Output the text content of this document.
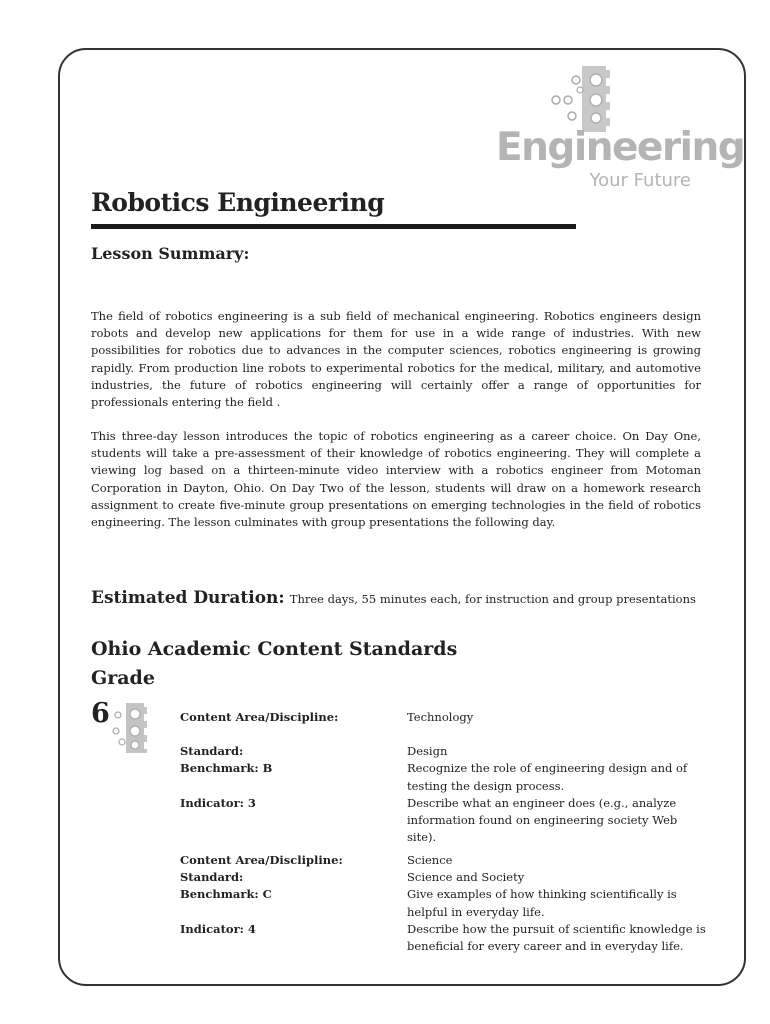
Engineering
Your Future
Robotics Engineering
Lesson Summary:

The field of robotics engineering is a sub field of mechanical engineering. Robotics engineers design robots and develop new applications for them for use in a wide range of industries. With new possibilities for robotics due to advances in the computer sciences, robotics engineering is growing rapidly. From production line robots to experimental robotics for the medical, military, and automotive industries, the future of robotics engineering will certainly offer a range of opportunities for professionals entering the field .

This three-day lesson introduces the topic of robotics engineering as a career choice. On Day One, students will take a pre-assessment of their knowledge of robotics engineering. They will complete a viewing log based on a thirteen-minute video interview with a robotics engineer from Motoman Corporation in Dayton, Ohio. On Day Two of the lesson, students will draw on a homework research assignment to create five-minute group presentations on emerging technologies in the field of robotics engineering. The lesson culminates with group presentations the following day.

Estimated Duration: Three days, 55 minutes each, for instruction and group presentations

Ohio Academic Content Standards
Grade
6	Content Area/Discipline:	Technology
Standard:	Design
Benchmark: B	Recognize the role of engineering design and of testing the design process.
Indicator: 3	Describe what an engineer does (e.g., analyze information found on engineering society Web site).
Content Area/Disclipline:	Science
Standard:	Science and Society
Benchmark: C	Give examples of how thinking scientifically is helpful in everyday life.
Indicator: 4	Describe how the pursuit of scientific knowledge is beneficial for every career and in everyday life.
